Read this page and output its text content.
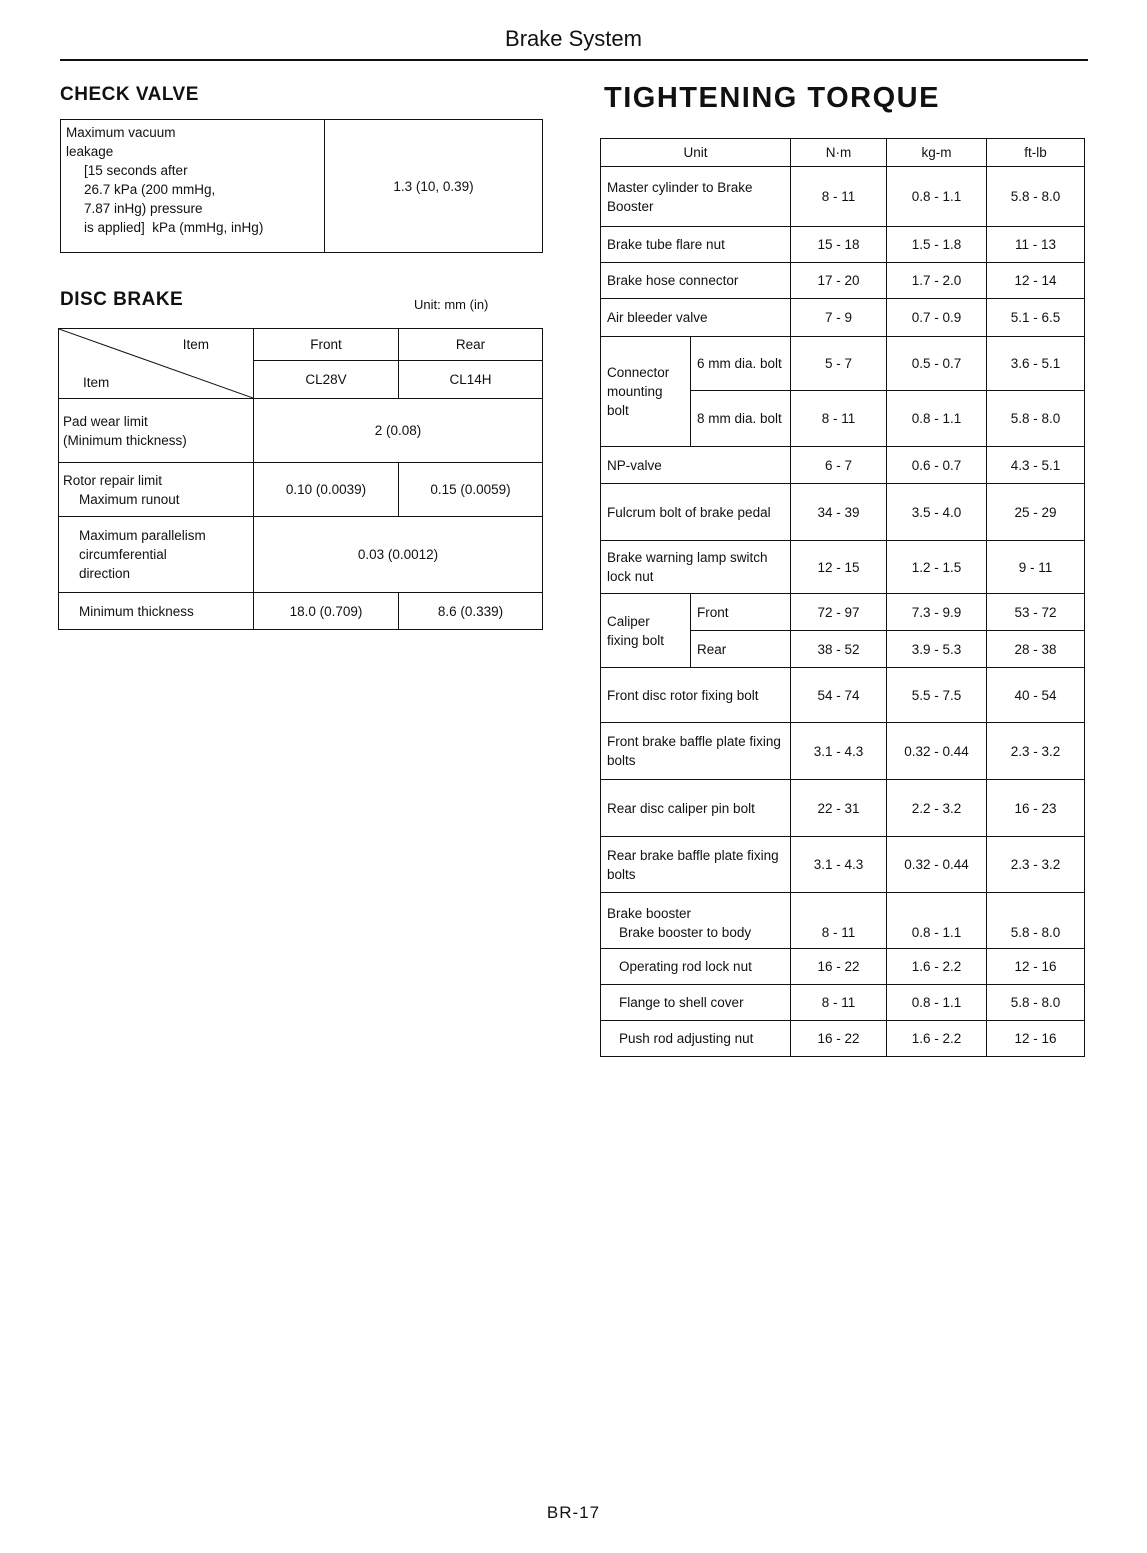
Brake System
CHECK VALVE
Maximum vacuum
leakage
[15 seconds after
26.7 kPa (200 mmHg,
7.87 inHg) pressure
is applied]  kPa (mmHg, inHg)
	1.3 (10, 0.39)
DISC BRAKE	Unit: mm (in)
Item
Item	Front	Rear
	CL28V	CL14H

Pad wear limit
(Minimum thickness)	2 (0.08)	

Rotor repair limit
Maximum runout	0.10 (0.0039)	0.15 (0.0059)

Maximum parallelism
circumferential
direction	0.03 (0.0012)	
Minimum thickness	18.0 (0.709)	8.6 (0.339)
TIGHTENING TORQUE
Unit		N·m	kg-m	ft-lb
Master cylinder to Brake Booster		8 - 11	0.8 - 1.1	5.8 - 8.0
Brake tube flare nut		15 - 18	1.5 - 1.8	11 - 13
Brake hose connector		17 - 20	1.7 - 2.0	12 - 14
Air bleeder valve		7 - 9	0.7 - 0.9	5.1 - 6.5
Connector mounting bolt	6 mm dia. bolt	5 - 7	0.5 - 0.7	3.6 - 5.1
	8 mm dia. bolt	8 - 11	0.8 - 1.1	5.8 - 8.0
NP-valve		6 - 7	0.6 - 0.7	4.3 - 5.1
Fulcrum bolt of brake pedal		34 - 39	3.5 - 4.0	25 - 29
Brake warning lamp switch lock nut		12 - 15	1.2 - 1.5	9 - 11
Caliper fixing bolt	Front	72 - 97	7.3 - 9.9	53 - 72
	Rear	38 - 52	3.9 - 5.3	28 - 38
Front disc rotor fixing bolt		54 - 74	5.5 - 7.5	40 - 54
Front brake baffle plate fixing bolts		3.1 - 4.3	0.32 - 0.44	2.3 - 3.2
Rear disc caliper pin bolt		22 - 31	2.2 - 3.2	16 - 23
Rear brake baffle plate fixing bolts		3.1 - 4.3	0.32 - 0.44	2.3 - 3.2

Brake booster
Brake booster to body		8 - 11	0.8 - 1.1	5.8 - 8.0
Operating rod lock nut		16 - 22	1.6 - 2.2	12 - 16
Flange to shell cover		8 - 11	0.8 - 1.1	5.8 - 8.0
Push rod adjusting nut		16 - 22	1.6 - 2.2	12 - 16
BR-17
